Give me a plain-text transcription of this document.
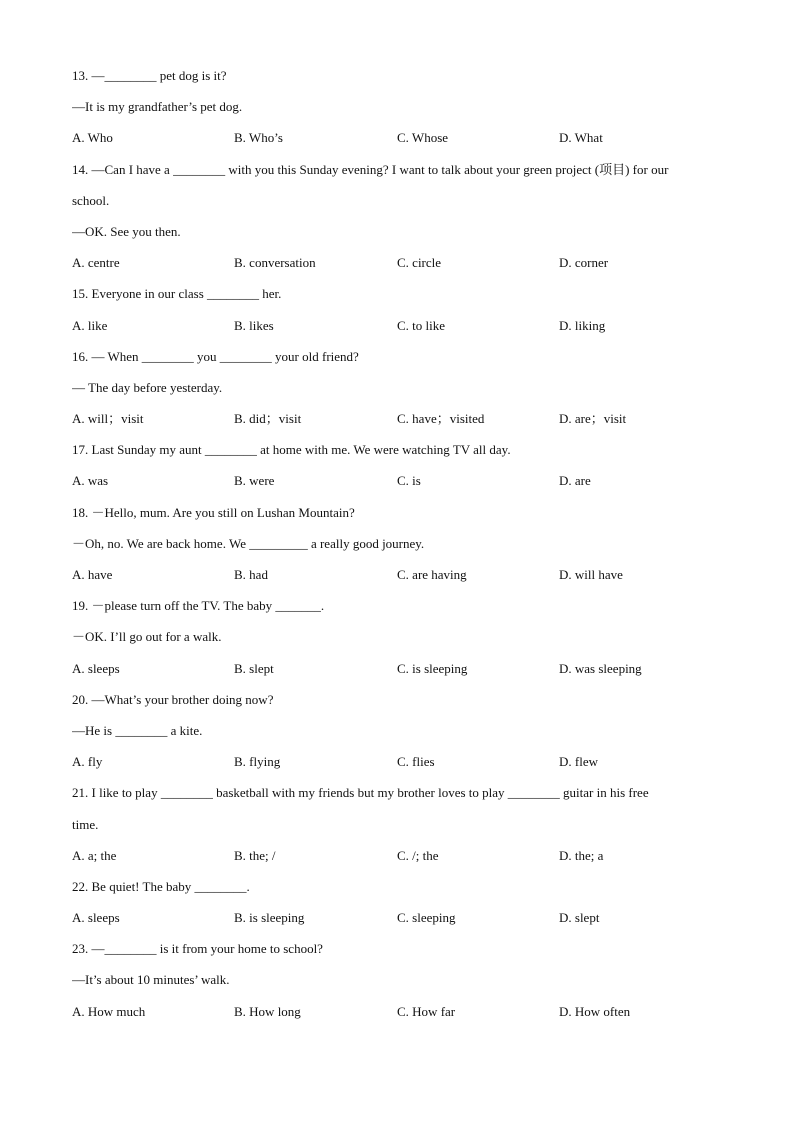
13. —________ pet dog is it?
—It is my grandfather’s pet dog.
A. Who	B. Who’s	C. Whose	D. What
14. —Can I have a ________ with you this Sunday evening? I want to talk about your green project (项目) for our
school.
—OK. See you then.
A. centre	B. conversation	C. circle	D. corner
15. Everyone in our class ________ her.
A. like	B. likes	C. to like	D. liking
16. — When ________ you ________ your old friend?
— The day before yesterday.
A. will；visit	B. did；visit	C. have；visited	D. are；visit
17. Last Sunday my aunt ________ at home with me. We were watching TV all day.
A. was	B. were	C. is	D. are
18. －Hello, mum. Are you still on Lushan Mountain?
－Oh, no. We are back home. We _________ a really good journey.
A. have	B. had	C. are having	D. will have
19. －please turn off the TV. The baby _______.
－OK. I’ll go out for a walk.
A. sleeps	B. slept	C. is sleeping	D. was sleeping
20. —What’s your brother doing now?
—He is ________ a kite.
A. fly	B. flying	C. flies	D. flew
21. I like to play ________ basketball with my friends but my brother loves to play ________ guitar in his free
time.
A. a; the	B. the; /	C. /; the	D. the; a
22. Be quiet! The baby ________.
A. sleeps	B. is sleeping	C. sleeping	D. slept
23. —________ is it from your home to school?
—It’s about 10 minutes’ walk.
A. How much	B. How long	C. How far	D. How often
